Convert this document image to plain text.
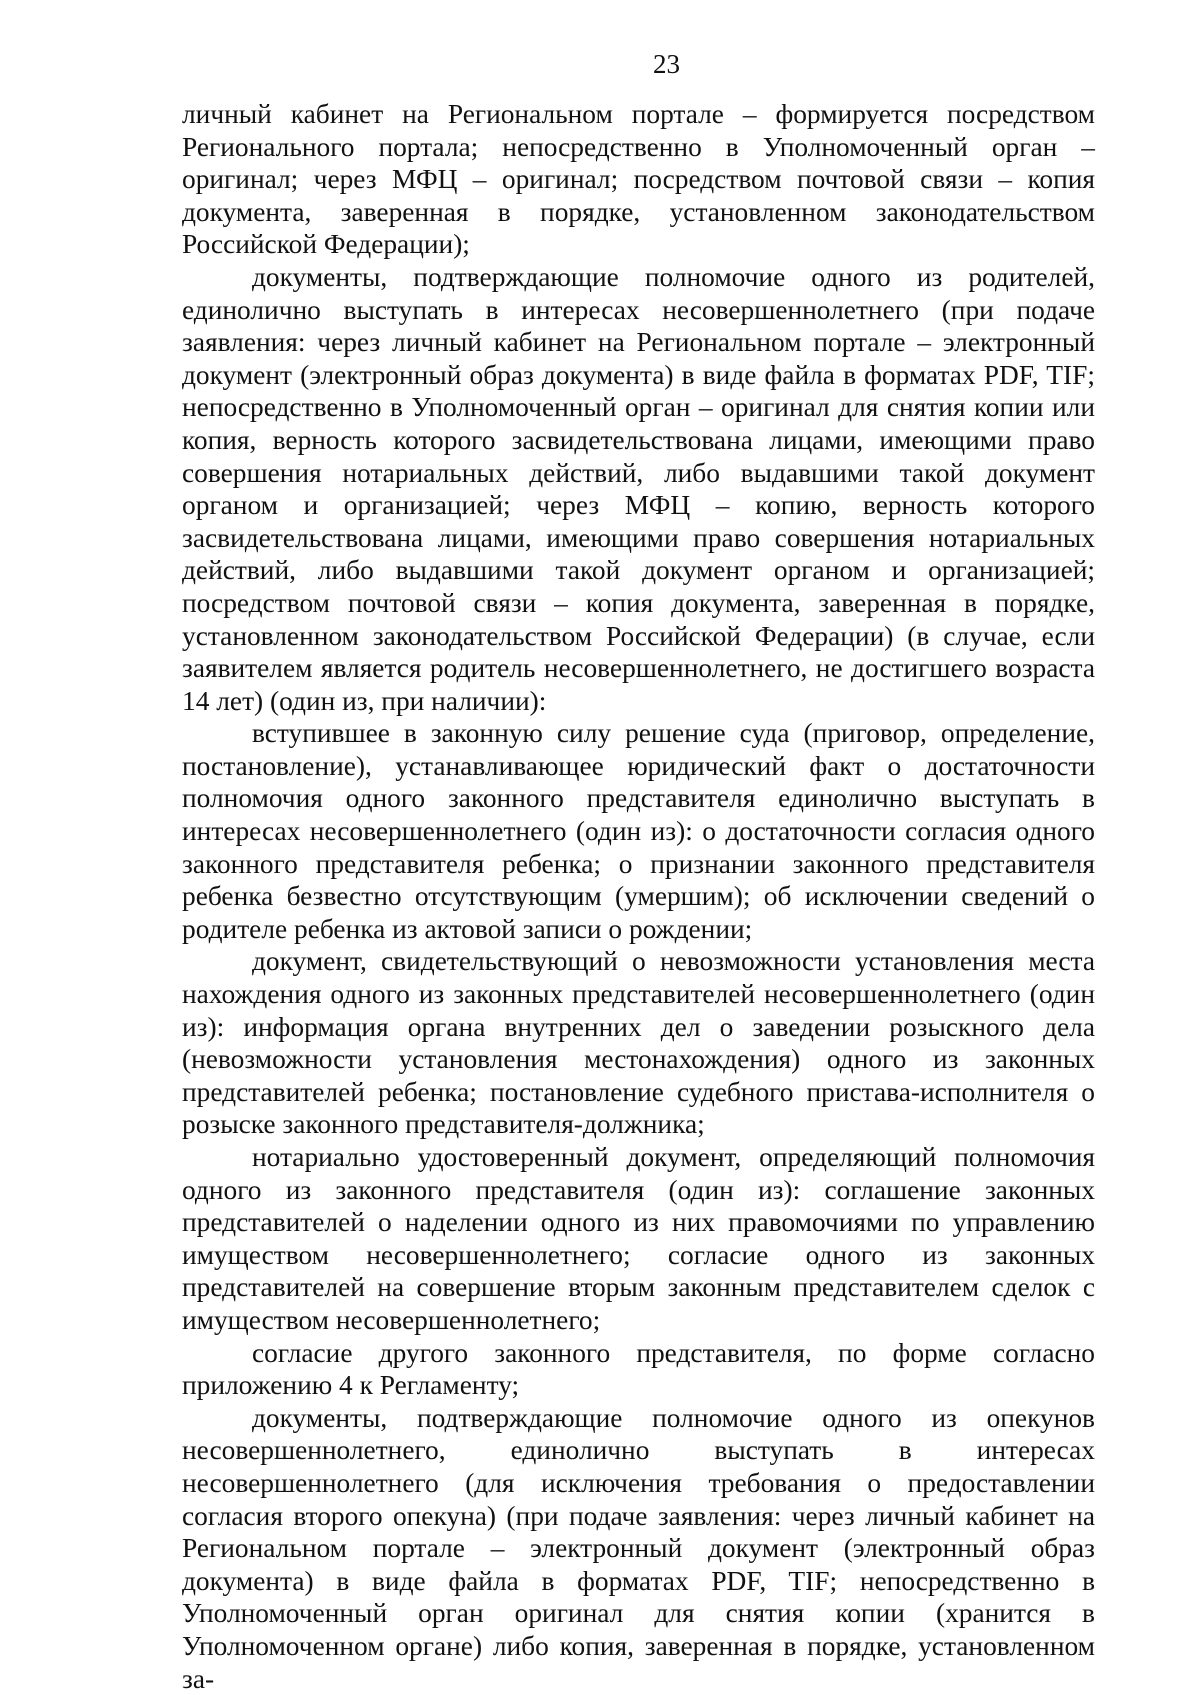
23

личный кабинет на Региональном портале – формируется посредством Регионального портала; непосредственно в Уполномоченный орган – оригинал; через МФЦ – оригинал; посредством почтовой связи – копия документа, заверенная в порядке, установленном законодательством Российской Федерации);

документы, подтверждающие полномочие одного из родителей, единолично выступать в интересах несовершеннолетнего (при подаче заявления: через личный кабинет на Региональном портале – электронный документ (электронный образ документа) в виде файла в форматах PDF, TIF; непосредственно в Уполномоченный орган – оригинал для снятия копии или копия, верность которого засвидетельствована лицами, имеющими право совершения нотариальных действий, либо выдавшими такой документ органом и организацией; через МФЦ – копию, верность которого засвидетельствована лицами, имеющими право совершения нотариальных действий, либо выдавшими такой документ органом и организацией; посредством почтовой связи – копия документа, заверенная в порядке, установленном законодательством Российской Федерации) (в случае, если заявителем является родитель несовершеннолетнего, не достигшего возраста 14 лет) (один из, при наличии):

вступившее в законную силу решение суда (приговор, определение, постановление), устанавливающее юридический факт о достаточности полномочия одного законного представителя единолично выступать в интересах несовершеннолетнего (один из): о достаточности согласия одного законного представителя ребенка; о признании законного представителя ребенка безвестно отсутствующим (умершим); об исключении сведений о родителе ребенка из актовой записи о рождении;

документ, свидетельствующий о невозможности установления места нахождения одного из законных представителей несовершеннолетнего (один из): информация органа внутренних дел о заведении розыскного дела (невозможности установления местонахождения) одного из законных представителей ребенка; постановление судебного пристава-исполнителя о розыске законного представителя-должника;

нотариально удостоверенный документ, определяющий полномочия одного из законного представителя (один из): соглашение законных представителей о наделении одного из них правомочиями по управлению имуществом несовершеннолетнего; согласие одного из законных представителей на совершение вторым законным представителем сделок с имуществом несовершеннолетнего;

согласие другого законного представителя, по форме согласно приложению 4 к Регламенту;

документы, подтверждающие полномочие одного из опекунов несовершеннолетнего, единолично выступать в интересах несовершеннолетнего (для исключения требования о предоставлении согласия второго опекуна) (при подаче заявления: через личный кабинет на Региональном портале – электронный документ (электронный образ документа) в виде файла в форматах PDF, TIF; непосредственно в Уполномоченный орган оригинал для снятия копии (хранится в Уполномоченном органе) либо копия, заверенная в порядке, установленном за-
